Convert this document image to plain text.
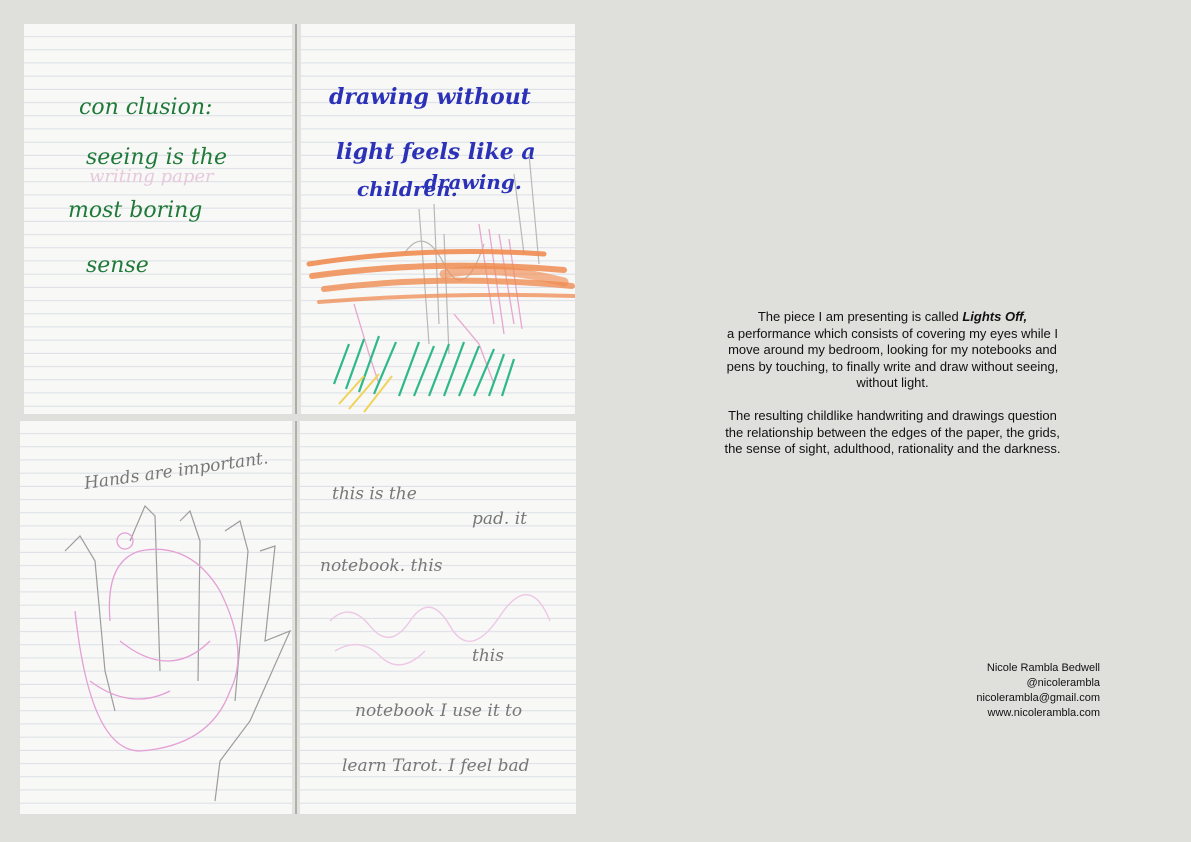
con clusion:
seeing is the
most boring
sense
writing paper
drawing without
light feels like a
drawing.
children.
Hands are important.
this is the
pad. it
notebook. this
this
notebook I use it to
learn Tarot. I feel bad

The piece I am presenting is called Lights Off,
a performance which consists of covering my eyes while I move around my bedroom, looking for my notebooks and pens by touching, to finally write and draw without seeing, without light.

The resulting childlike handwriting and drawings question the relationship between the edges of the paper, the grids, the sense of sight, adulthood, rationality and the darkness.

Nicole Rambla Bedwell
@nicolerambla
nicolerambla@gmail.com
www.nicolerambla.com
